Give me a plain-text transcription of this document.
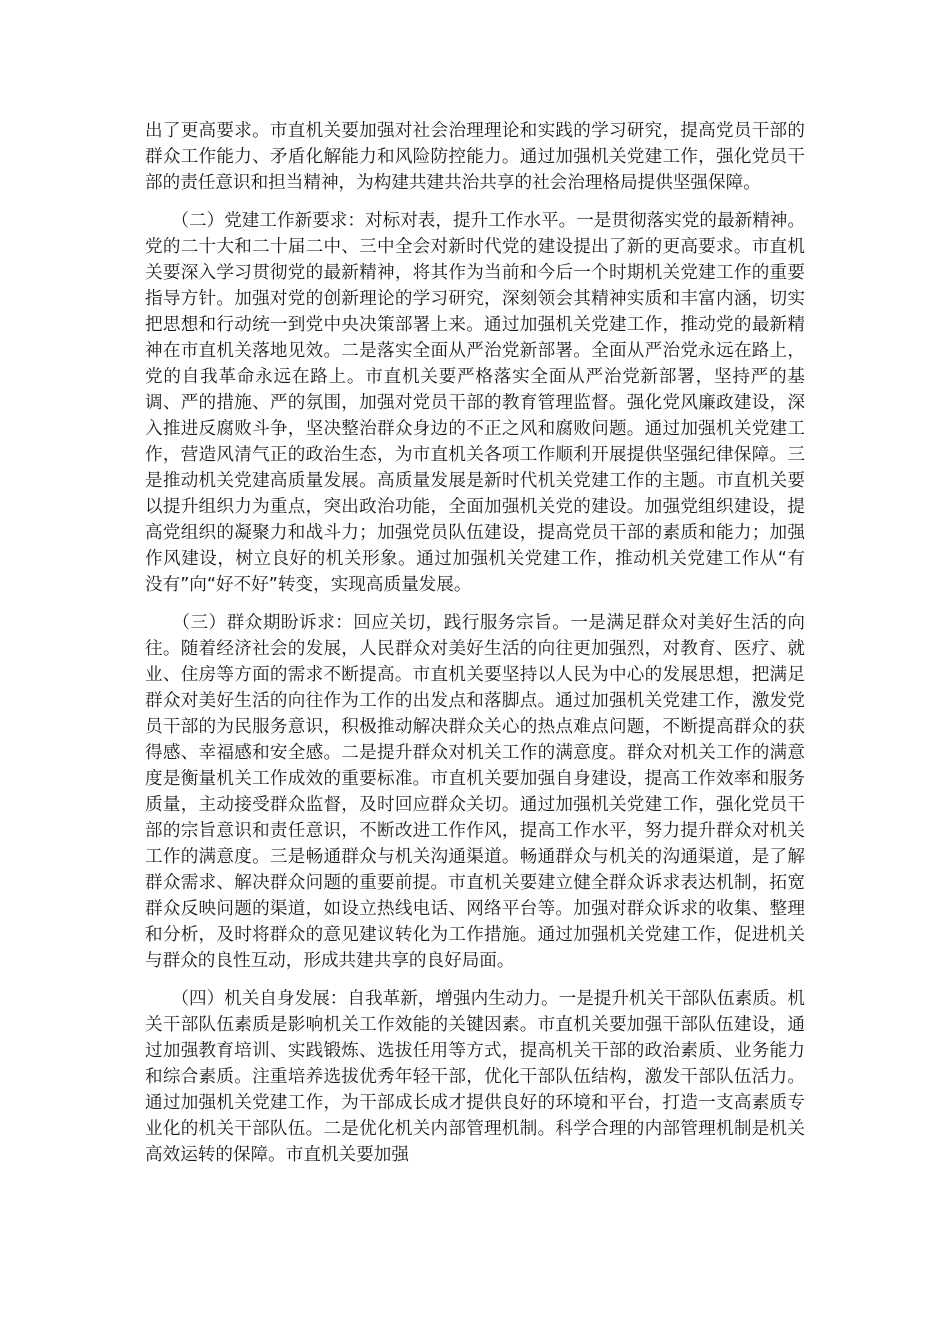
出了更高要求。市直机关要加强对社会治理理论和实践的学习研究，提高党员干部的群众工作能力、矛盾化解能力和风险防控能力。通过加强机关党建工作，强化党员干部的责任意识和担当精神，为构建共建共治共享的社会治理格局提供坚强保障。

　　（二）党建工作新要求：对标对表，提升工作水平。一是贯彻落实党的最新精神。党的二十大和二十届二中、三中全会对新时代党的建设提出了新的更高要求。市直机关要深入学习贯彻党的最新精神，将其作为当前和今后一个时期机关党建工作的重要指导方针。加强对党的创新理论的学习研究，深刻领会其精神实质和丰富内涵，切实把思想和行动统一到党中央决策部署上来。通过加强机关党建工作，推动党的最新精神在市直机关落地见效。二是落实全面从严治党新部署。全面从严治党永远在路上，党的自我革命永远在路上。市直机关要严格落实全面从严治党新部署，坚持严的基调、严的措施、严的氛围，加强对党员干部的教育管理监督。强化党风廉政建设，深入推进反腐败斗争，坚决整治群众身边的不正之风和腐败问题。通过加强机关党建工作，营造风清气正的政治生态，为市直机关各项工作顺利开展提供坚强纪律保障。三是推动机关党建高质量发展。高质量发展是新时代机关党建工作的主题。市直机关要以提升组织力为重点，突出政治功能，全面加强机关党的建设。加强党组织建设，提高党组织的凝聚力和战斗力；加强党员队伍建设，提高党员干部的素质和能力；加强作风建设，树立良好的机关形象。通过加强机关党建工作，推动机关党建工作从“有没有”向“好不好”转变，实现高质量发展。

　　（三）群众期盼诉求：回应关切，践行服务宗旨。一是满足群众对美好生活的向往。随着经济社会的发展，人民群众对美好生活的向往更加强烈，对教育、医疗、就业、住房等方面的需求不断提高。市直机关要坚持以人民为中心的发展思想，把满足群众对美好生活的向往作为工作的出发点和落脚点。通过加强机关党建工作，激发党员干部的为民服务意识，积极推动解决群众关心的热点难点问题，不断提高群众的获得感、幸福感和安全感。二是提升群众对机关工作的满意度。群众对机关工作的满意度是衡量机关工作成效的重要标准。市直机关要加强自身建设，提高工作效率和服务质量，主动接受群众监督，及时回应群众关切。通过加强机关党建工作，强化党员干部的宗旨意识和责任意识，不断改进工作作风，提高工作水平，努力提升群众对机关工作的满意度。三是畅通群众与机关沟通渠道。畅通群众与机关的沟通渠道，是了解群众需求、解决群众问题的重要前提。市直机关要建立健全群众诉求表达机制，拓宽群众反映问题的渠道，如设立热线电话、网络平台等。加强对群众诉求的收集、整理和分析，及时将群众的意见建议转化为工作措施。通过加强机关党建工作，促进机关与群众的良性互动，形成共建共享的良好局面。

　　（四）机关自身发展：自我革新，增强内生动力。一是提升机关干部队伍素质。机关干部队伍素质是影响机关工作效能的关键因素。市直机关要加强干部队伍建设，通过加强教育培训、实践锻炼、选拔任用等方式，提高机关干部的政治素质、业务能力和综合素质。注重培养选拔优秀年轻干部，优化干部队伍结构，激发干部队伍活力。通过加强机关党建工作，为干部成长成才提供良好的环境和平台，打造一支高素质专业化的机关干部队伍。二是优化机关内部管理机制。科学合理的内部管理机制是机关高效运转的保障。市直机关要加强
